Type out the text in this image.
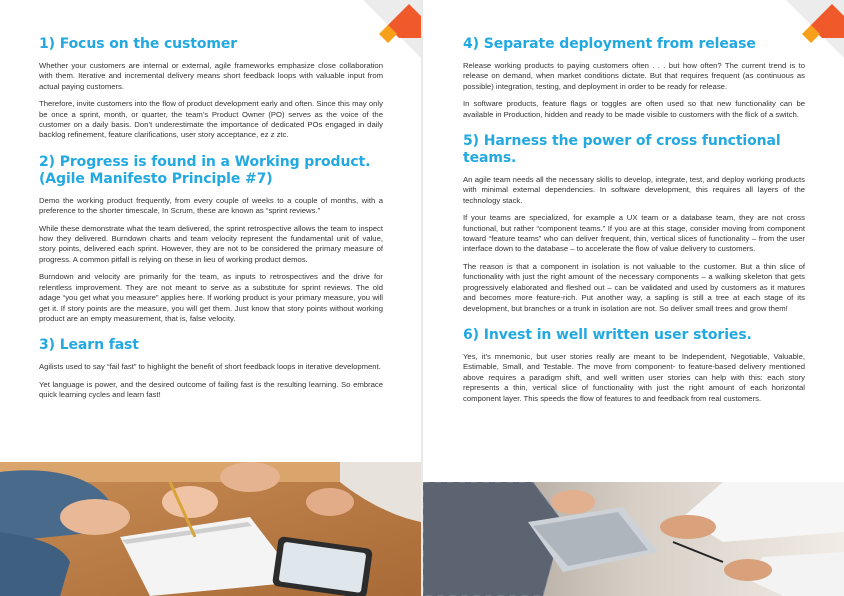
1) Focus on the customer

Whether your customers are internal or external, agile frameworks emphasize close collaboration with them. Iterative and incremental delivery means short feedback loops with valuable input from actual paying customers.

Therefore, invite customers into the flow of product development early and often. Since this may only be once a sprint, month, or quarter, the team’s Product Owner (PO) serves as the voice of the customer on a daily basis. Don’t underestimate the importance of dedicated POs engaged in daily backlog refinement, feature clarifications, user story acceptance, ez z ztc.

2) Progress is found in a Working product. (Agile Manifesto Principle #7)

Demo the working product frequently, from every couple of weeks to a couple of months, with a preference to the shorter timescale, In Scrum, these are known as “sprint reviews.”

While these demonstrate what the team delivered, the sprint retrospective allows the team to inspect how they delivered. Burndown charts and team velocity represent the fundamental unit of value, story points, delivered each sprint. However, they are not to be considered the primary measure of progress. A common pitfall is relying on these in lieu of working product demos.

Burndown and velocity are primarily for the team, as inputs to retrospectives and the drive for relentless improvement. They are not meant to serve as a substitute for sprint reviews. The old adage “you get what you measure” applies here. If working product is your primary measure, you will get it. If story points are the measure, you will get them. Just know that story points without working product are an empty measurement, that is, false velocity.

3) Learn fast

Agilists used to say “fail fast” to highlight the benefit of short feedback loops in iterative development.

Yet language is power, and the desired outcome of failing fast is the resulting learning. So embrace quick learning cycles and learn fast!

4) Separate deployment from release

Release working products to paying customers often . . . but how often? The current trend is to release on demand, when market conditions dictate. But that requires frequent (as continuous as possible) integration, testing, and deployment in order to be ready for release.

In software products, feature flags or toggles are often used so that new functionality can be available in Production, hidden and ready to be made visible to customers with the flick of a switch.

5) Harness the power of cross functional teams.

An agile team needs all the necessary skills to develop, integrate, test, and deploy working products with minimal external dependencies. In software development, this requires all layers of the technology stack.

If your teams are specialized, for example a UX team or a database team, they are not cross functional, but rather “component teams.” If you are at this stage, consider moving from component toward “feature teams” who can deliver frequent, thin, vertical slices of functionality – from the user interface down to the database – to accelerate the flow of value delivery to customers.

The reason is that a component in isolation is not valuable to the customer. But a thin slice of functionality with just the right amount of the necessary components – a walking skeleton that gets progressively elaborated and fleshed out – can be validated and used by customers as it matures and becomes more feature-rich. Put another way, a sapling is still a tree at each stage of its development, but branches or a trunk in isolation are not. So deliver small trees and grow them!

6) Invest in well written user stories.

Yes, it’s mnemonic, but user stories really are meant to be Independent, Negotiable, Valuable, Estimable, Small, and Testable. The move from component- to feature-based delivery mentioned above requires a paradigm shift, and well written user stories can help with this: each story represents a thin, vertical slice of functionality with just the right amount of each horizontal component layer. This speeds the flow of features to and feedback from real customers.
